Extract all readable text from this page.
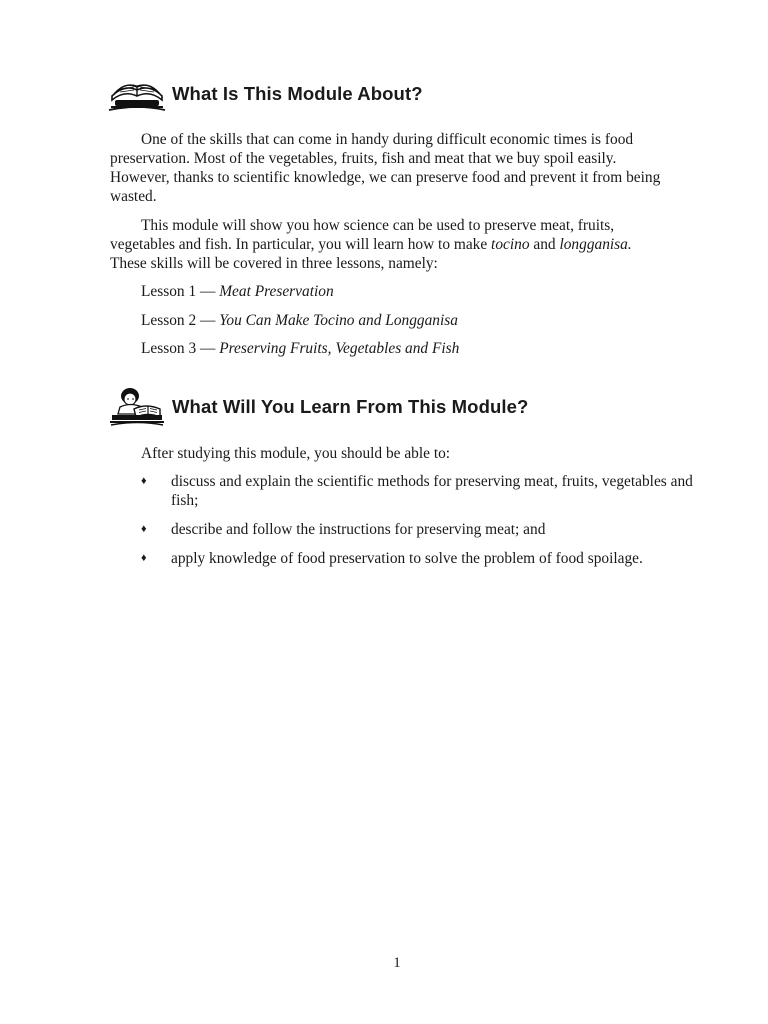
What Is This Module About?

One of the skills that can come in handy during difficult economic times is food preservation. Most of the vegetables, fruits, fish and meat that we buy spoil easily. However, thanks to scientific knowledge, we can preserve food and prevent it from being wasted.

This module will show you how science can be used to preserve meat, fruits, vegetables and fish. In particular, you will learn how to make tocino and longganisa. These skills will be covered in three lessons, namely:

Lesson 1 — Meat Preservation
Lesson 2 — You Can Make Tocino and Longganisa
Lesson 3 — Preserving Fruits, Vegetables and Fish
What Will You Learn From This Module?
After studying this module, you should be able to:
♦ discuss and explain the scientific methods for preserving meat, fruits, vegetables and fish;
♦ describe and follow the instructions for preserving meat; and
♦ apply knowledge of food preservation to solve the problem of food spoilage.
1
